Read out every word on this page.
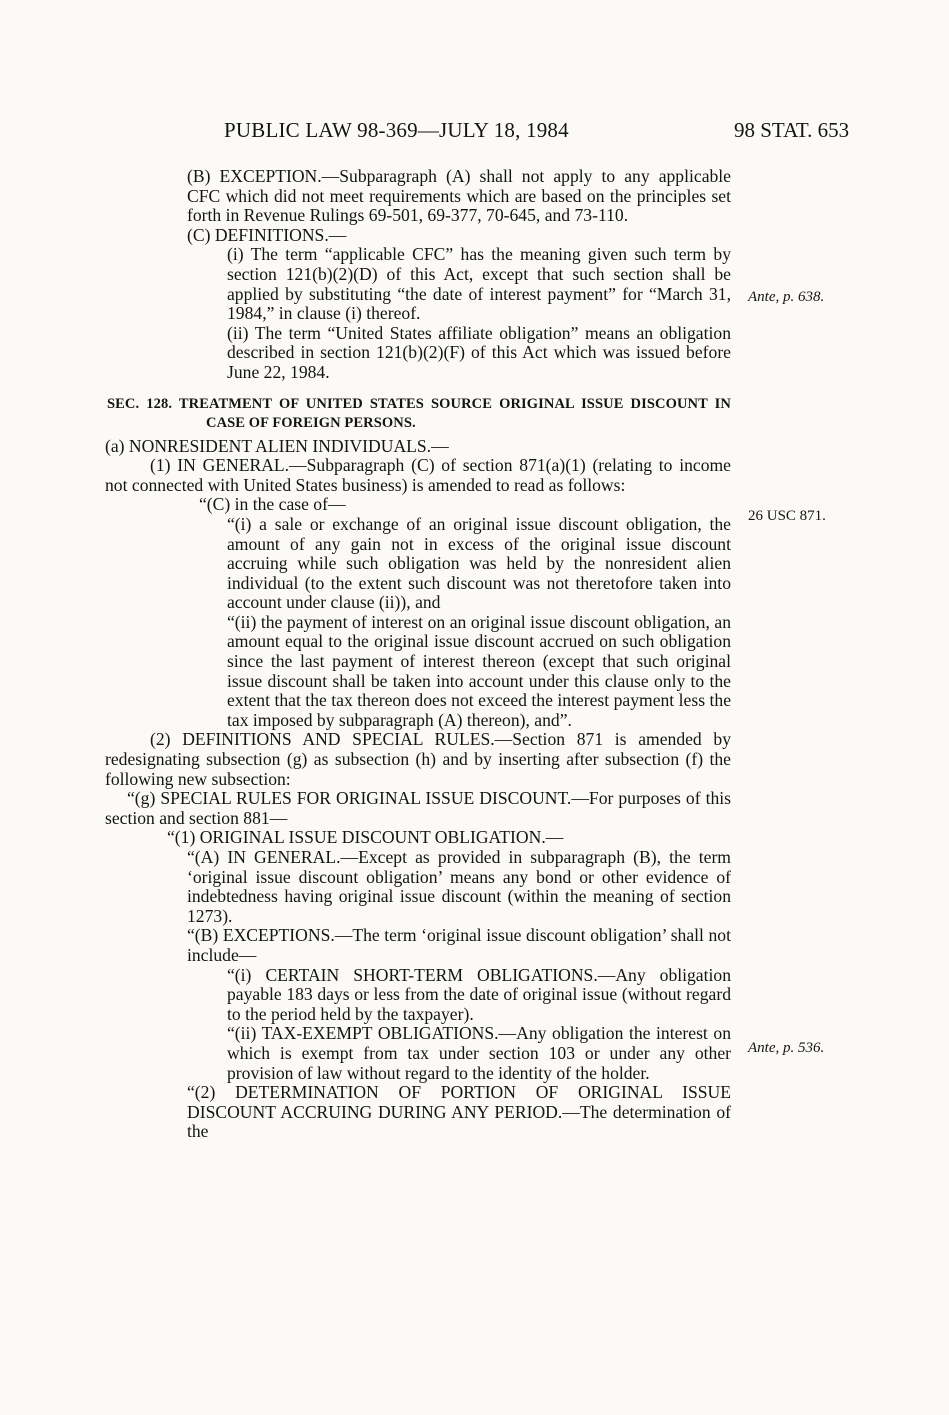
PUBLIC LAW 98-369—JULY 18, 1984	98 STAT. 653
Ante, p. 638.
26 USC 871.
Ante, p. 536.

(B) EXCEPTION.—Subparagraph (A) shall not apply to any applicable CFC which did not meet requirements which are based on the principles set forth in Revenue Rulings 69-501, 69-377, 70-645, and 73-110.

(C) DEFINITIONS.—

(i) The term “applicable CFC” has the meaning given such term by section 121(b)(2)(D) of this Act, except that such section shall be applied by substituting “the date of interest payment” for “March 31, 1984,” in clause (i) thereof.

(ii) The term “United States affiliate obligation” means an obligation described in section 121(b)(2)(F) of this Act which was issued before June 22, 1984.

SEC. 128. TREATMENT OF UNITED STATES SOURCE ORIGINAL ISSUE DISCOUNT IN CASE OF FOREIGN PERSONS.

(a) NONRESIDENT ALIEN INDIVIDUALS.—

(1) IN GENERAL.—Subparagraph (C) of section 871(a)(1) (relating to income not connected with United States business) is amended to read as follows:

“(C) in the case of—

“(i) a sale or exchange of an original issue discount obligation, the amount of any gain not in excess of the original issue discount accruing while such obligation was held by the nonresident alien individual (to the extent such discount was not theretofore taken into account under clause (ii)), and

“(ii) the payment of interest on an original issue discount obligation, an amount equal to the original issue discount accrued on such obligation since the last payment of interest thereon (except that such original issue discount shall be taken into account under this clause only to the extent that the tax thereon does not exceed the interest payment less the tax imposed by subparagraph (A) thereon), and”.

(2) DEFINITIONS AND SPECIAL RULES.—Section 871 is amended by redesignating subsection (g) as subsection (h) and by inserting after subsection (f) the following new subsection:

“(g) SPECIAL RULES FOR ORIGINAL ISSUE DISCOUNT.—For purposes of this section and section 881—

“(1) ORIGINAL ISSUE DISCOUNT OBLIGATION.—

“(A) IN GENERAL.—Except as provided in subparagraph (B), the term ‘original issue discount obligation’ means any bond or other evidence of indebtedness having original issue discount (within the meaning of section 1273).

“(B) EXCEPTIONS.—The term ‘original issue discount obligation’ shall not include—

“(i) CERTAIN SHORT-TERM OBLIGATIONS.—Any obligation payable 183 days or less from the date of original issue (without regard to the period held by the taxpayer).

“(ii) TAX-EXEMPT OBLIGATIONS.—Any obligation the interest on which is exempt from tax under section 103 or under any other provision of law without regard to the identity of the holder.

“(2) DETERMINATION OF PORTION OF ORIGINAL ISSUE DISCOUNT ACCRUING DURING ANY PERIOD.—The determination of the
